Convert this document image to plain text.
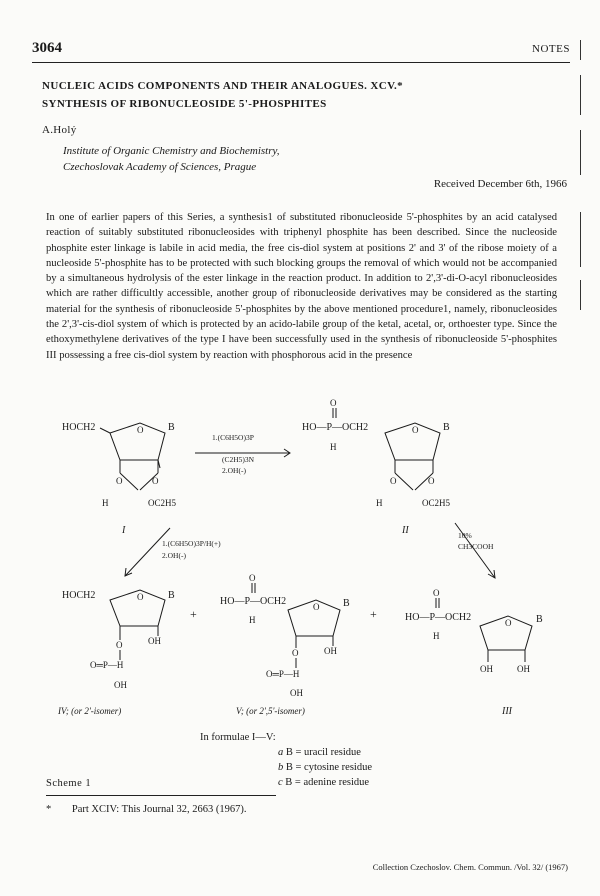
3064	NOTES
NUCLEIC ACIDS COMPONENTS AND THEIR ANALOGUES. XCV.*
SYNTHESIS OF RIBONUCLEOSIDE 5'-PHOSPHITES
A.Holý
Institute of Organic Chemistry and Biochemistry,
Czechoslovak Academy of Sciences, Prague
Received December 6th, 1966

In one of earlier papers of this Series, a synthesis1 of substituted ribonucleoside 5'-phosphites by an acid catalysed reaction of suitably substituted ribonucleosides with triphenyl phosphite has been described. Since the nucleoside phosphite ester linkage is labile in acid media, the free cis-diol system at positions 2' and 3' of the ribose moiety of a nucleoside 5'-phosphite has to be protected with such blocking groups the removal of which would not be accompanied by a simultaneous hydrolysis of the ester linkage in the reaction product. In addition to 2',3'-di-O-acyl ribonucleosides which are rather difficultly accessible, another group of ribonucleoside derivatives may be considered as the starting material for the synthesis of ribonucleoside 5'-phosphites by the above mentioned procedure1, namely, ribonucleosides the 2',3'-cis-diol system of which is protected by an acido-labile group of the ketal, acetal, or, orthoester type. Since the ethoxymethylene derivatives of the type I have been successfully used in the synthesis of ribonucleoside 5'-phosphites III possessing a free cis-diol system by reaction with phosphorous acid in the presence

HOCH2	O B
O	O
H	OC2H5
I
1.(C6H5O)3P
(C2H5)3N
2.OH(-)
O
HO—P—OCH2
H
O B
O	O
H	OC2H5
II
1.(C6H5O)3P/H(+)
2.OH(-)
10%
CH3COOH
HOCH2	O B
O	OH
O═P—H
OH
IV; (or 2'-isomer)
+	+
O
HO—P—OCH2
H
O B
O	OH
O═P—H
OH
V; (or 2',5'-isomer)
O
HO—P—OCH2
H
O B
OH	OH
III
In formulae I—V:
a B = uracil residue
b B = cytosine residue
c B = adenine residue
Scheme 1
* Part XCIV: This Journal 32, 2663 (1967).
Collection Czechoslov. Chem. Commun. /Vol. 32/ (1967)
